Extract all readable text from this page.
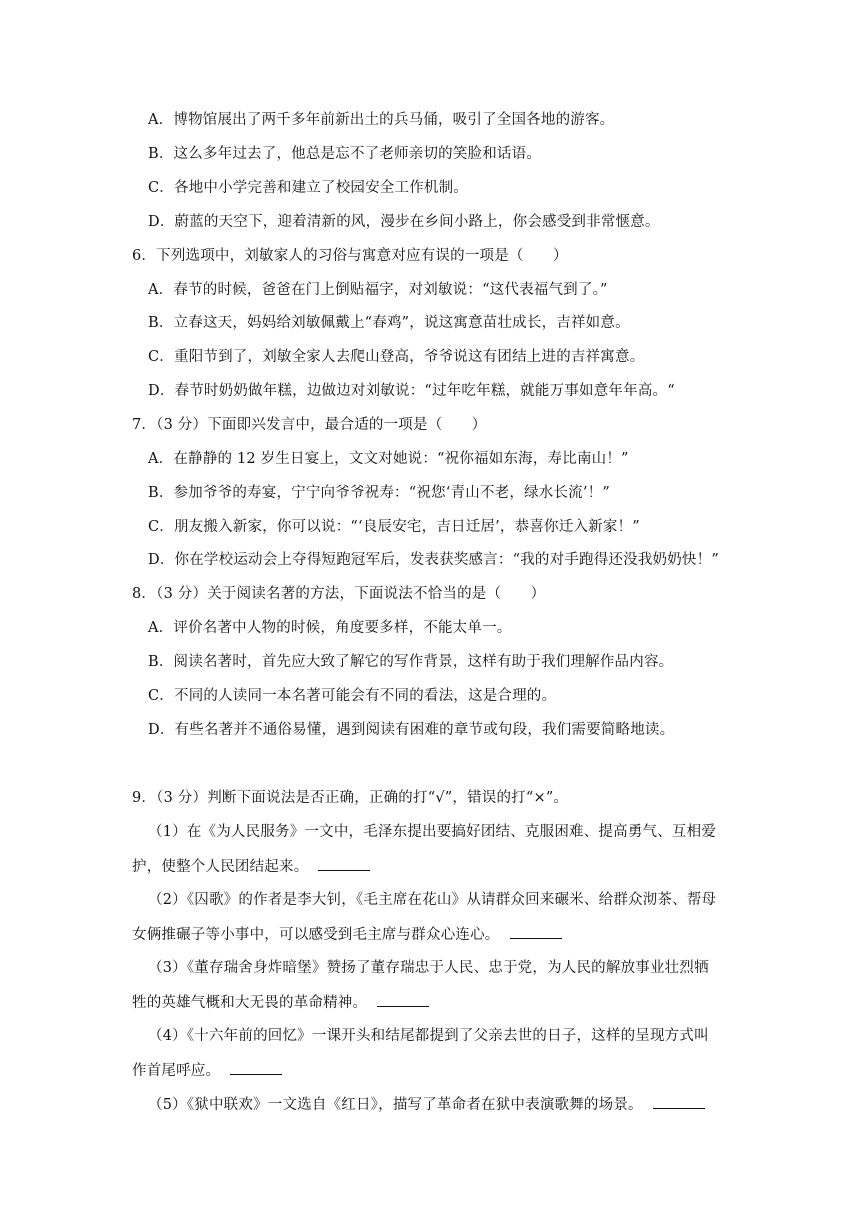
A．博物馆展出了两千多年前新出土的兵马俑，吸引了全国各地的游客。
B．这么多年过去了，他总是忘不了老师亲切的笑脸和话语。
C．各地中小学完善和建立了校园安全工作机制。
D．蔚蓝的天空下，迎着清新的风，漫步在乡间小路上，你会感受到非常惬意。
6．下列选项中，刘敏家人的习俗与寓意对应有误的一项是（　　）
A．春节的时候，爸爸在门上倒贴福字，对刘敏说：“这代表福气到了。”
B．立春这天，妈妈给刘敏佩戴上“春鸡”，说这寓意苗壮成长，吉祥如意。
C．重阳节到了，刘敏全家人去爬山登高，爷爷说这有团结上进的吉祥寓意。
D．春节时奶奶做年糕，边做边对刘敏说：“过年吃年糕，就能万事如意年年高。“
7．（3 分）下面即兴发言中，最合适的一项是（　　）
A．在静静的 12 岁生日宴上，文文对她说：“祝你福如东海，寿比南山！”
B．参加爷爷的寿宴，宁宁向爷爷祝寿：“祝您‘青山不老，绿水长流’！”
C．朋友搬入新家，你可以说：“‘良辰安宅，吉日迁居’，恭喜你迁入新家！”
D．你在学校运动会上夺得短跑冠军后，发表获奖感言：“我的对手跑得还没我奶奶快！”
8．（3 分）关于阅读名著的方法，下面说法不恰当的是（　　）
A．评价名著中人物的时候，角度要多样，不能太单一。
B．阅读名著时，首先应大致了解它的写作背景，这样有助于我们理解作品内容。
C．不同的人读同一本名著可能会有不同的看法，这是合理的。
D．有些名著并不通俗易懂，遇到阅读有困难的章节或句段，我们需要简略地读。
9．（3 分）判断下面说法是否正确，正确的打“√”，错误的打“×”。
（1）在《为人民服务》一文中，毛泽东提出要搞好团结、克服困难、提高勇气、互相爱
护，使整个人民团结起来。
（2）《囚歌》的作者是李大钊，《毛主席在花山》从请群众回来碾米、给群众沏茶、帮母
女俩推碾子等小事中，可以感受到毛主席与群众心连心。
（3）《董存瑞舍身炸暗堡》赞扬了董存瑞忠于人民、忠于党，为人民的解放事业壮烈牺
牲的英雄气概和大无畏的革命精神。
（4）《十六年前的回忆》一课开头和结尾都提到了父亲去世的日子，这样的呈现方式叫
作首尾呼应。
（5）《狱中联欢》一文选自《红日》，描写了革命者在狱中表演歌舞的场景。
